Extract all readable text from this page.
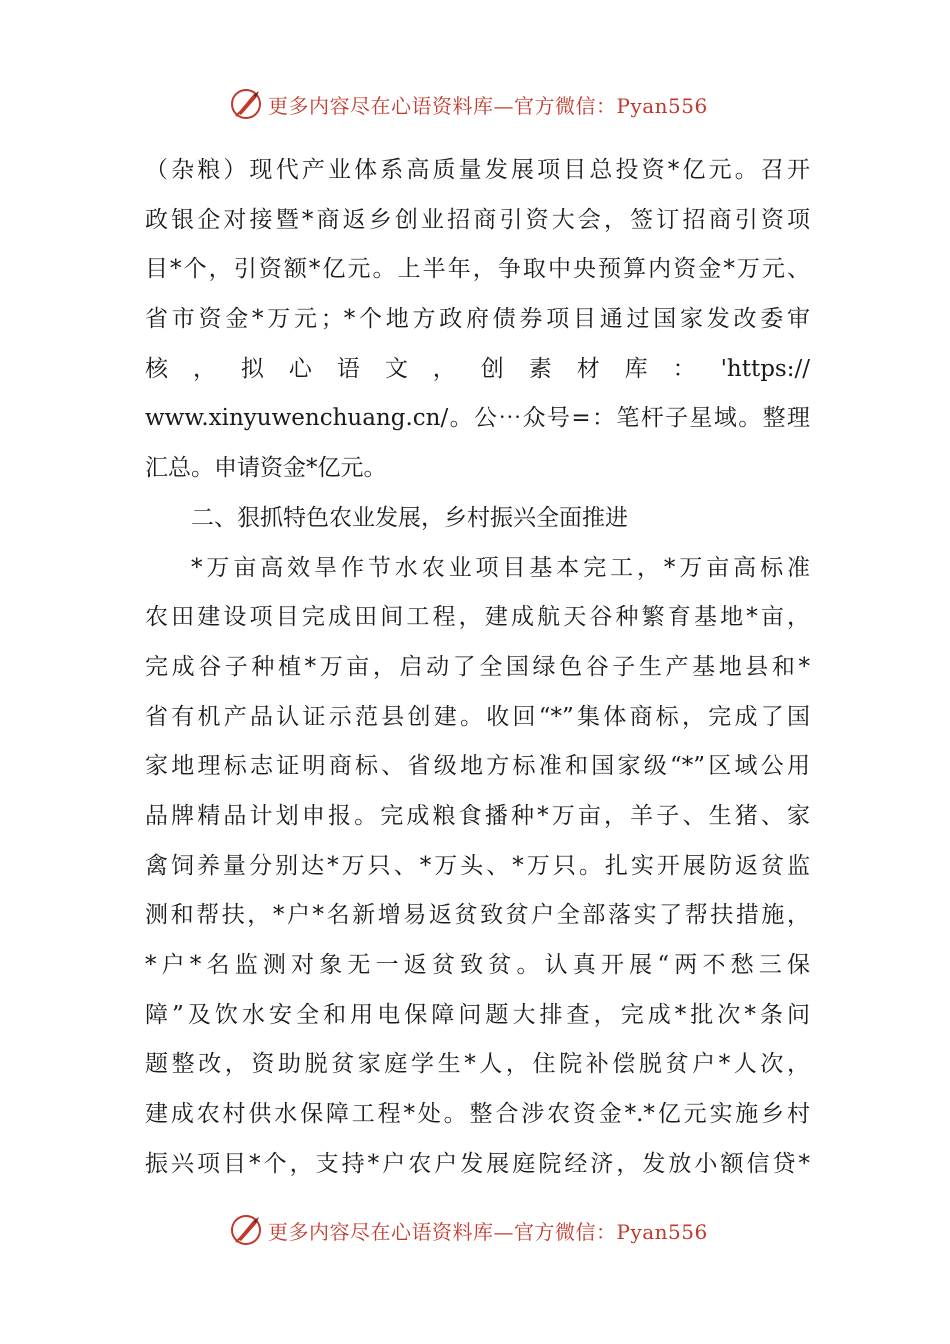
更多内容尽在心语资料库—官方微信：Pyan556
（杂粮）现代产业体系高质量发展项目总投资*亿元。召开
政银企对接暨*商返乡创业招商引资大会，签订招商引资项
目*个，引资额*亿元。上半年，争取中央预算内资金*万元、
省市资金*万元；*个地方政府债券项目通过国家发改委审
核 ， 拟 心 语 文 ， 创 素 材 库 ： 'https://
www.xinyuwenchuang.cn/。公⋯众号=：笔杆子星域。整理
汇总。申请资金*亿元。
二、狠抓特色农业发展，乡村振兴全面推进
*万亩高效旱作节水农业项目基本完工，*万亩高标准
农田建设项目完成田间工程，建成航天谷种繁育基地*亩，
完成谷子种植*万亩，启动了全国绿色谷子生产基地县和*
省有机产品认证示范县创建。收回“*”集体商标，完成了国
家地理标志证明商标、省级地方标准和国家级“*”区域公用
品牌精品计划申报。完成粮食播种*万亩，羊子、生猪、家
禽饲养量分别达*万只、*万头、*万只。扎实开展防返贫监
测和帮扶，*户*名新增易返贫致贫户全部落实了帮扶措施，
*户*名监测对象无一返贫致贫。认真开展“两不愁三保
障”及饮水安全和用电保障问题大排查，完成*批次*条问
题整改，资助脱贫家庭学生*人，住院补偿脱贫户*人次，
建成农村供水保障工程*处。整合涉农资金*.*亿元实施乡村
振兴项目*个，支持*户农户发展庭院经济，发放小额信贷*
更多内容尽在心语资料库—官方微信：Pyan556
